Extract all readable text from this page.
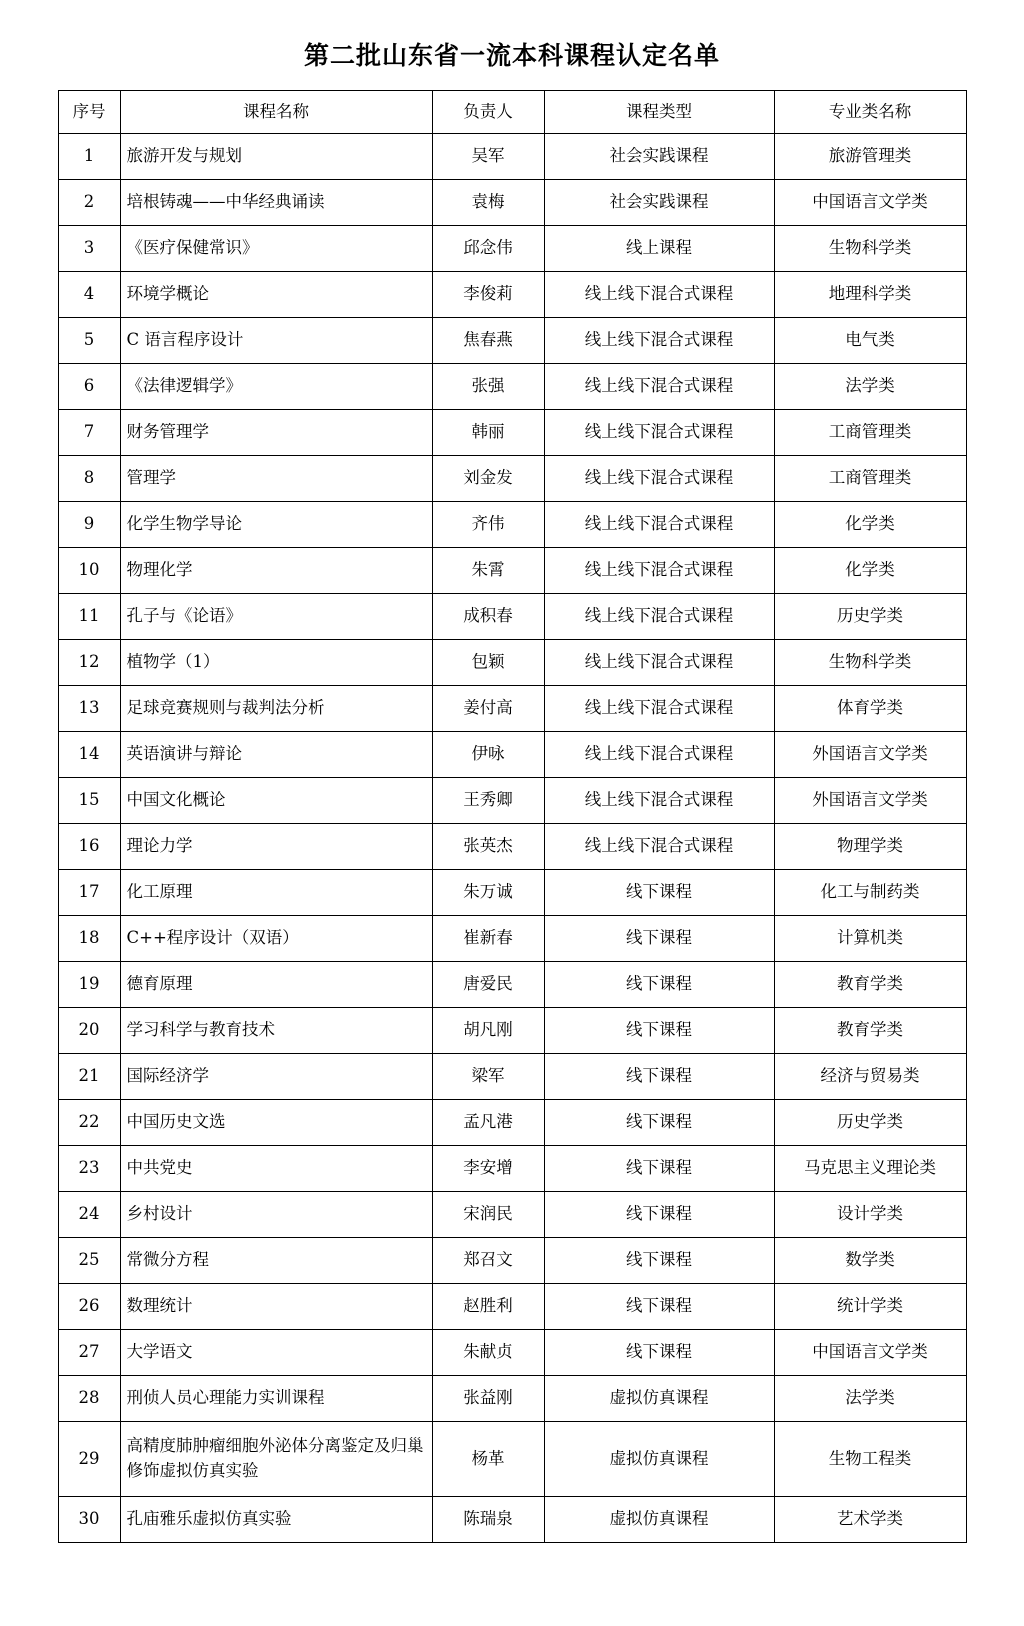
第二批山东省一流本科课程认定名单
序号	课程名称	负责人	课程类型	专业类名称
1	旅游开发与规划	吴军	社会实践课程	旅游管理类
2	培根铸魂——中华经典诵读	袁梅	社会实践课程	中国语言文学类
3	《医疗保健常识》	邱念伟	线上课程	生物科学类
4	环境学概论	李俊莉	线上线下混合式课程	地理科学类
5	C 语言程序设计	焦春燕	线上线下混合式课程	电气类
6	《法律逻辑学》	张强	线上线下混合式课程	法学类
7	财务管理学	韩丽	线上线下混合式课程	工商管理类
8	管理学	刘金发	线上线下混合式课程	工商管理类
9	化学生物学导论	齐伟	线上线下混合式课程	化学类
10	物理化学	朱霄	线上线下混合式课程	化学类
11	孔子与《论语》	成积春	线上线下混合式课程	历史学类
12	植物学（1）	包颖	线上线下混合式课程	生物科学类
13	足球竞赛规则与裁判法分析	姜付高	线上线下混合式课程	体育学类
14	英语演讲与辩论	伊咏	线上线下混合式课程	外国语言文学类
15	中国文化概论	王秀卿	线上线下混合式课程	外国语言文学类
16	理论力学	张英杰	线上线下混合式课程	物理学类
17	化工原理	朱万诚	线下课程	化工与制药类
18	C++程序设计（双语）	崔新春	线下课程	计算机类
19	德育原理	唐爱民	线下课程	教育学类
20	学习科学与教育技术	胡凡刚	线下课程	教育学类
21	国际经济学	梁军	线下课程	经济与贸易类
22	中国历史文选	孟凡港	线下课程	历史学类
23	中共党史	李安增	线下课程	马克思主义理论类
24	乡村设计	宋润民	线下课程	设计学类
25	常微分方程	郑召文	线下课程	数学类
26	数理统计	赵胜利	线下课程	统计学类
27	大学语文	朱献贞	线下课程	中国语言文学类
28	刑侦人员心理能力实训课程	张益刚	虚拟仿真课程	法学类
29	高精度肺肿瘤细胞外泌体分离鉴定及归巢修饰虚拟仿真实验	杨革	虚拟仿真课程	生物工程类
30	孔庙雅乐虚拟仿真实验	陈瑞泉	虚拟仿真课程	艺术学类
